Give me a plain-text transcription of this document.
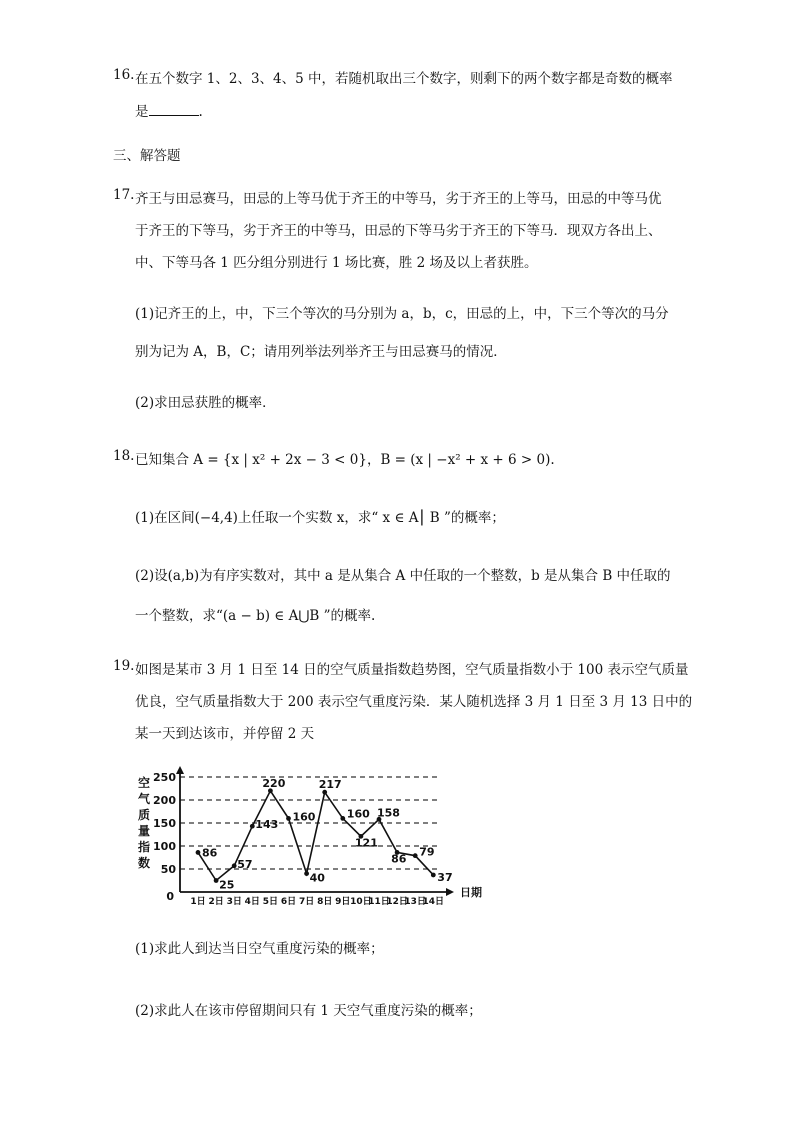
16. 在五个数字 1、2、3、4、5 中，若随机取出三个数字，则剩下的两个数字都是奇数的概率
是	.
三、解答题
17. 齐王与田忌赛马，田忌的上等马优于齐王的中等马，劣于齐王的上等马，田忌的中等马优
于齐王的下等马，劣于齐王的中等马，田忌的下等马劣于齐王的下等马．现双方各出上、
中、下等马各 1 匹分组分别进行 1 场比赛，胜 2 场及以上者获胜。
(1)记齐王的上，中，下三个等次的马分别为 a，b，c，田忌的上，中，下三个等次的马分
别为记为 A，B，C；请用列举法列举齐王与田忌赛马的情况．
(2)求田忌获胜的概率．
18. 已知集合 A = {x | x² + 2x − 3 < 0}，B = (x | −x² + x + 6 > 0).
(1)在区间(−4,4)上任取一个实数 x，求“ x ∈ A⎮ B ”的概率；
(2)设(a,b)为有序实数对，其中 a 是从集合 A 中任取的一个整数，b 是从集合 B 中任取的
一个整数，求“(a − b) ∈ A⋃B ”的概率.
19. 如图是某市 3 月 1 日至 14 日的空气质量指数趋势图，空气质量指数小于 100 表示空气质量
优良，空气质量指数大于 200 表示空气重度污染．某人随机选择 3 月 1 日至 3 月 13 日中的
某一天到达该市，并停留 2 天
空
气
质
量
指
数
250
200
150
100
50
0	日期
1日 2日 3日 4日 5日 6日 7日 8日 9日 10日
11日
12日
13日
14日
86
25
57
143
220
160
40
217
160
121
158
86
79
37
(1)求此人到达当日空气重度污染的概率；
(2)求此人在该市停留期间只有 1 天空气重度污染的概率；
